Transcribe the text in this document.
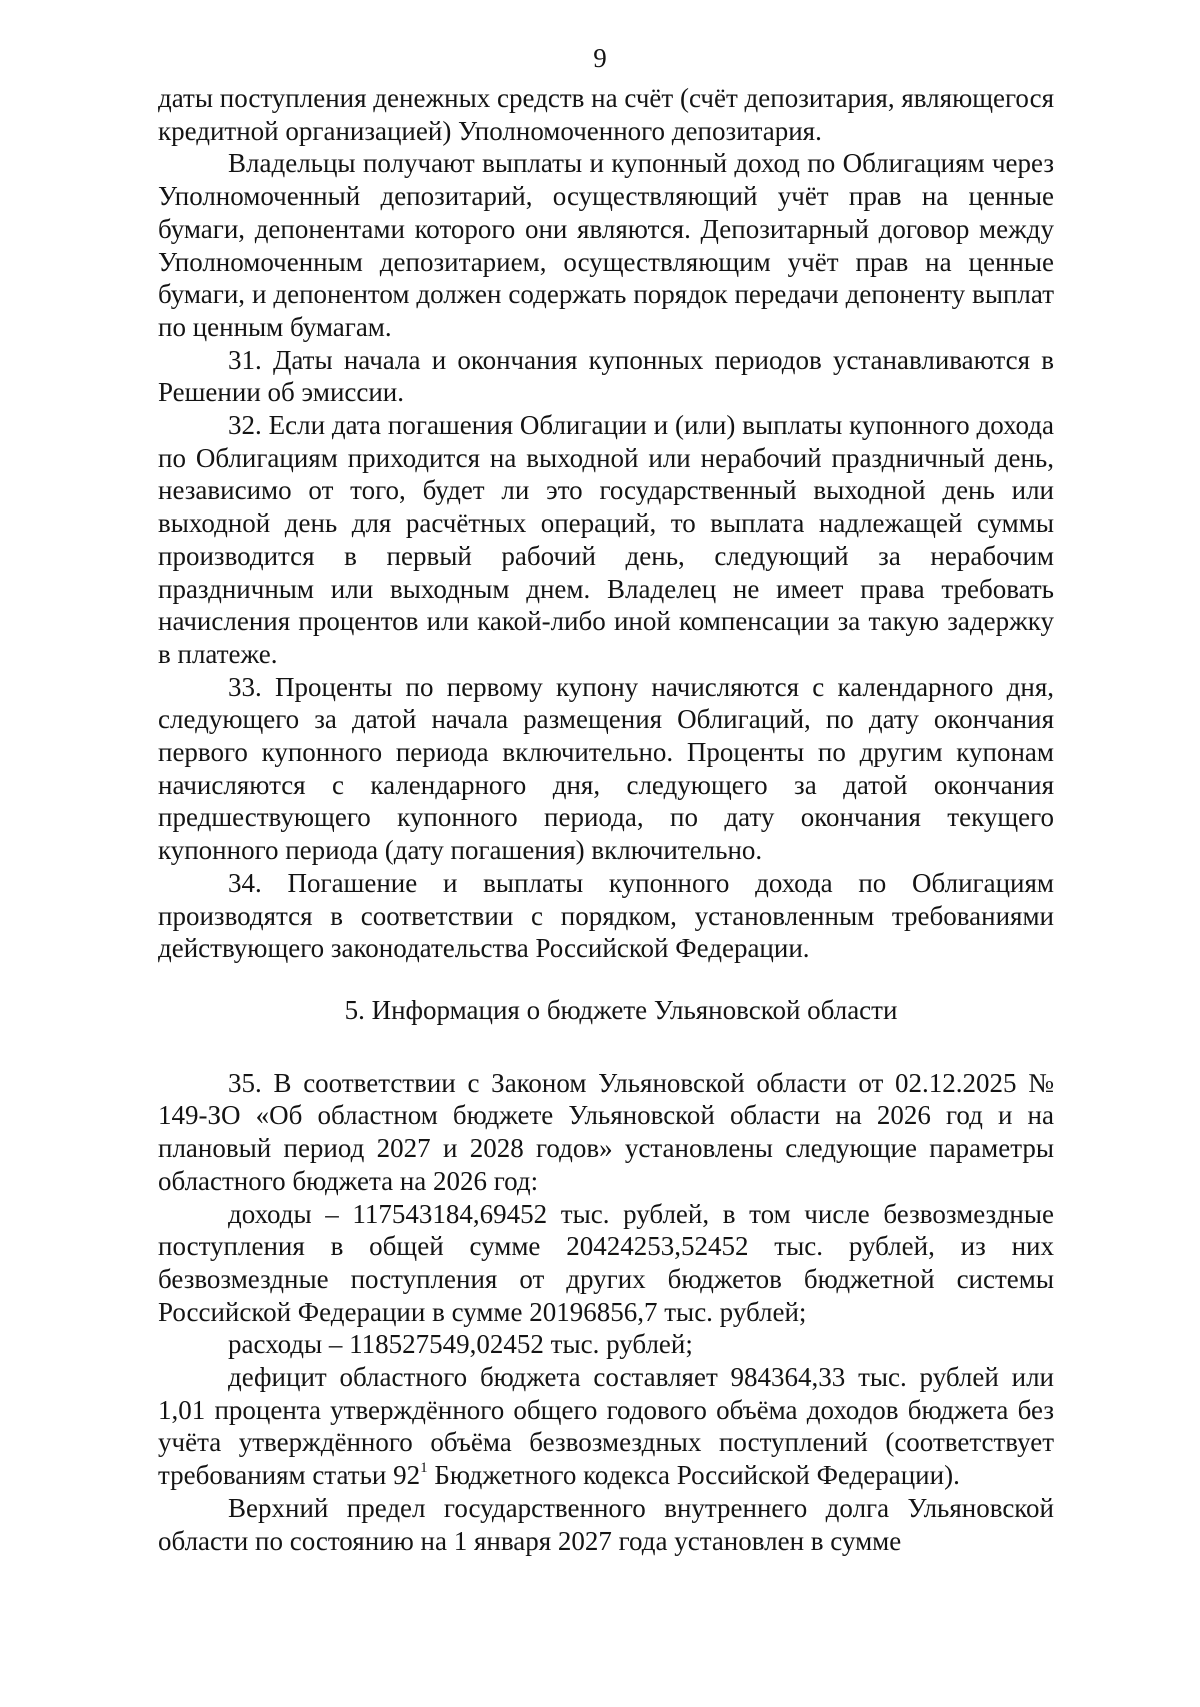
9

даты поступления денежных средств на счёт (счёт депозитария, являющегося кредитной организацией) Уполномоченного депозитария.

Владельцы получают выплаты и купонный доход по Облигациям через Уполномоченный депозитарий, осуществляющий учёт прав на ценные бумаги, депонентами которого они являются. Депозитарный договор между Уполномоченным депозитарием, осуществляющим учёт прав на ценные бумаги, и депонентом должен содержать порядок передачи депоненту выплат по ценным бумагам.

31. Даты начала и окончания купонных периодов устанавливаются в Решении об эмиссии.

32. Если дата погашения Облигации и (или) выплаты купонного дохода по Облигациям приходится на выходной или нерабочий праздничный день, независимо от того, будет ли это государственный выходной день или выходной день для расчётных операций, то выплата надлежащей суммы производится в первый рабочий день, следующий за нерабочим праздничным или выходным днем. Владелец не имеет права требовать начисления процентов или какой-либо иной компенсации за такую задержку в платеже.

33. Проценты по первому купону начисляются с календарного дня, следующего за датой начала размещения Облигаций, по дату окончания первого купонного периода включительно. Проценты по другим купонам начисляются с календарного дня, следующего за датой окончания предшествующего купонного периода, по дату окончания текущего купонного периода (дату погашения) включительно.

34. Погашение и выплаты купонного дохода по Облигациям производятся в соответствии с порядком, установленным требованиями действующего законодательства Российской Федерации.

5. Информация о бюджете Ульяновской области

35. В соответствии с Законом Ульяновской области от 02.12.2025 № 149-ЗО «Об областном бюджете Ульяновской области на 2026 год и на плановый период 2027 и 2028 годов» установлены следующие параметры областного бюджета на 2026 год:

доходы – 117543184,69452 тыс. рублей, в том числе безвозмездные поступления в общей сумме 20424253,52452 тыс. рублей, из них безвозмездные поступления от других бюджетов бюджетной системы Российской Федерации в сумме 20196856,7 тыс. рублей;

расходы – 118527549,02452 тыс. рублей;

дефицит областного бюджета составляет 984364,33 тыс. рублей или 1,01 процента утверждённого общего годового объёма доходов бюджета без учёта утверждённого объёма безвозмездных поступлений (соответствует требованиям статьи $92^1$ Бюджетного кодекса Российской Федерации).

Верхний предел государственного внутреннего долга Ульяновской области по состоянию на 1 января 2027 года установлен в сумме
